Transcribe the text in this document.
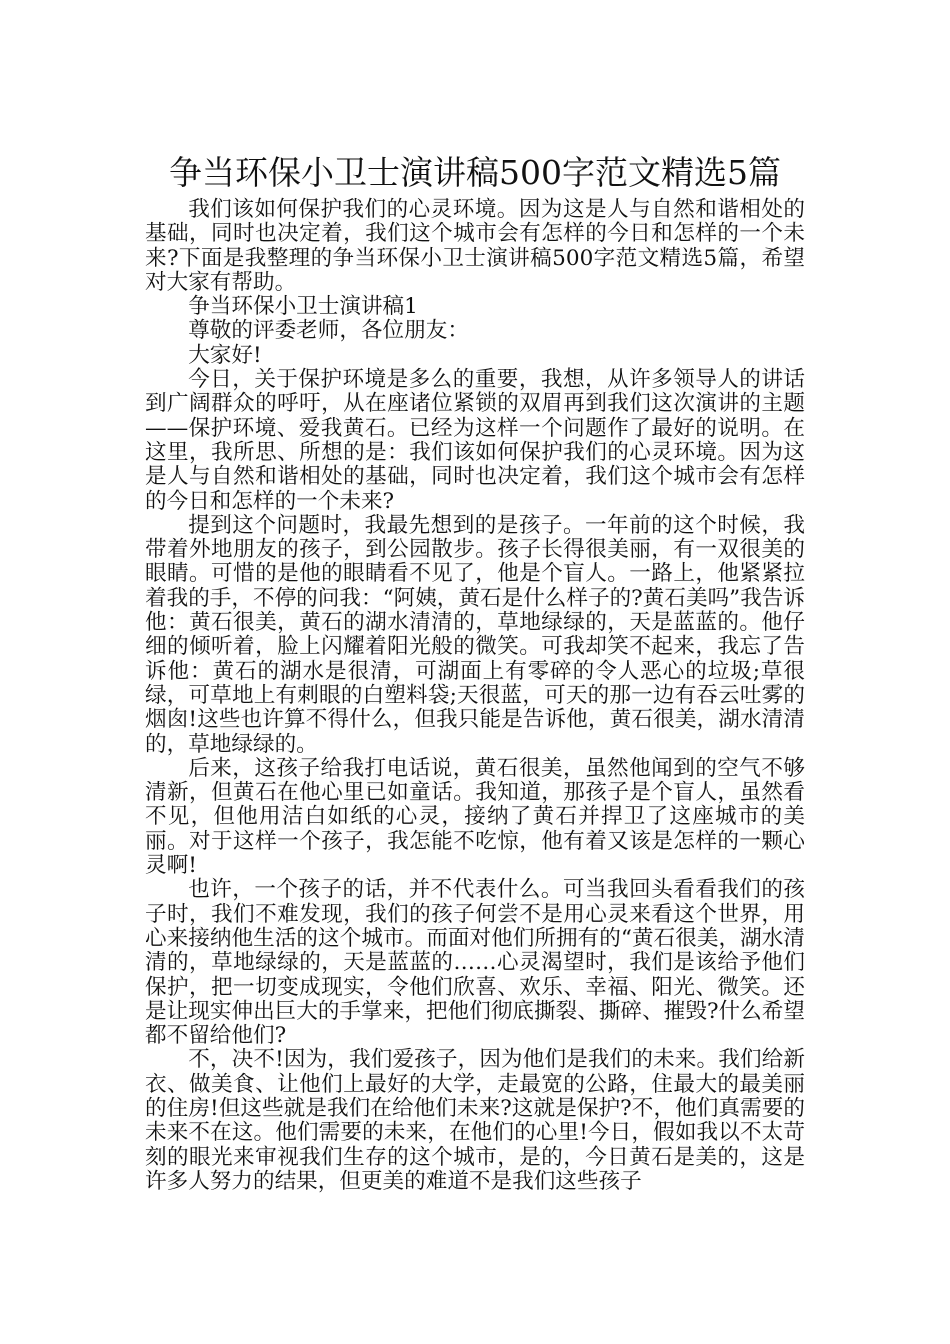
争当环保小卫士演讲稿500字范文精选5篇

我们该如何保护我们的心灵环境。因为这是人与自然和谐相处的基础，同时也决定着，我们这个城市会有怎样的今日和怎样的一个未来?下面是我整理的争当环保小卫士演讲稿500字范文精选5篇，希望对大家有帮助。

争当环保小卫士演讲稿1

尊敬的评委老师，各位朋友：

大家好!

今日，关于保护环境是多么的重要，我想，从许多领导人的讲话到广阔群众的呼吁，从在座诸位紧锁的双眉再到我们这次演讲的主题——保护环境、爱我黄石。已经为这样一个问题作了最好的说明。在这里，我所思、所想的是：我们该如何保护我们的心灵环境。因为这是人与自然和谐相处的基础，同时也决定着，我们这个城市会有怎样的今日和怎样的一个未来?

提到这个问题时，我最先想到的是孩子。一年前的这个时候，我带着外地朋友的孩子，到公园散步。孩子长得很美丽，有一双很美的眼睛。可惜的是他的眼睛看不见了，他是个盲人。一路上，他紧紧拉着我的手，不停的问我：“阿姨，黄石是什么样子的?黄石美吗”我告诉他：黄石很美，黄石的湖水清清的，草地绿绿的，天是蓝蓝的。他仔细的倾听着，脸上闪耀着阳光般的微笑。可我却笑不起来，我忘了告诉他：黄石的湖水是很清，可湖面上有零碎的令人恶心的垃圾;草很绿，可草地上有刺眼的白塑料袋;天很蓝，可天的那一边有吞云吐雾的烟囱!这些也许算不得什么，但我只能是告诉他，黄石很美，湖水清清的，草地绿绿的。

后来，这孩子给我打电话说，黄石很美，虽然他闻到的空气不够清新，但黄石在他心里已如童话。我知道，那孩子是个盲人，虽然看不见，但他用洁白如纸的心灵，接纳了黄石并捍卫了这座城市的美丽。对于这样一个孩子，我怎能不吃惊，他有着又该是怎样的一颗心灵啊!

也许，一个孩子的话，并不代表什么。可当我回头看看我们的孩子时，我们不难发现，我们的孩子何尝不是用心灵来看这个世界，用心来接纳他生活的这个城市。而面对他们所拥有的“黄石很美，湖水清清的，草地绿绿的，天是蓝蓝的……心灵渴望时，我们是该给予他们保护，把一切变成现实，令他们欣喜、欢乐、幸福、阳光、微笑。还是让现实伸出巨大的手掌来，把他们彻底撕裂、撕碎、摧毁?什么希望都不留给他们?

不，决不!因为，我们爱孩子，因为他们是我们的未来。我们给新衣、做美食、让他们上最好的大学，走最宽的公路，住最大的最美丽的住房!但这些就是我们在给他们未来?这就是保护?不，他们真需要的未来不在这。他们需要的未来，在他们的心里!今日，假如我以不太苛刻的眼光来审视我们生存的这个城市，是的，今日黄石是美的，这是许多人努力的结果，但更美的难道不是我们这些孩子
